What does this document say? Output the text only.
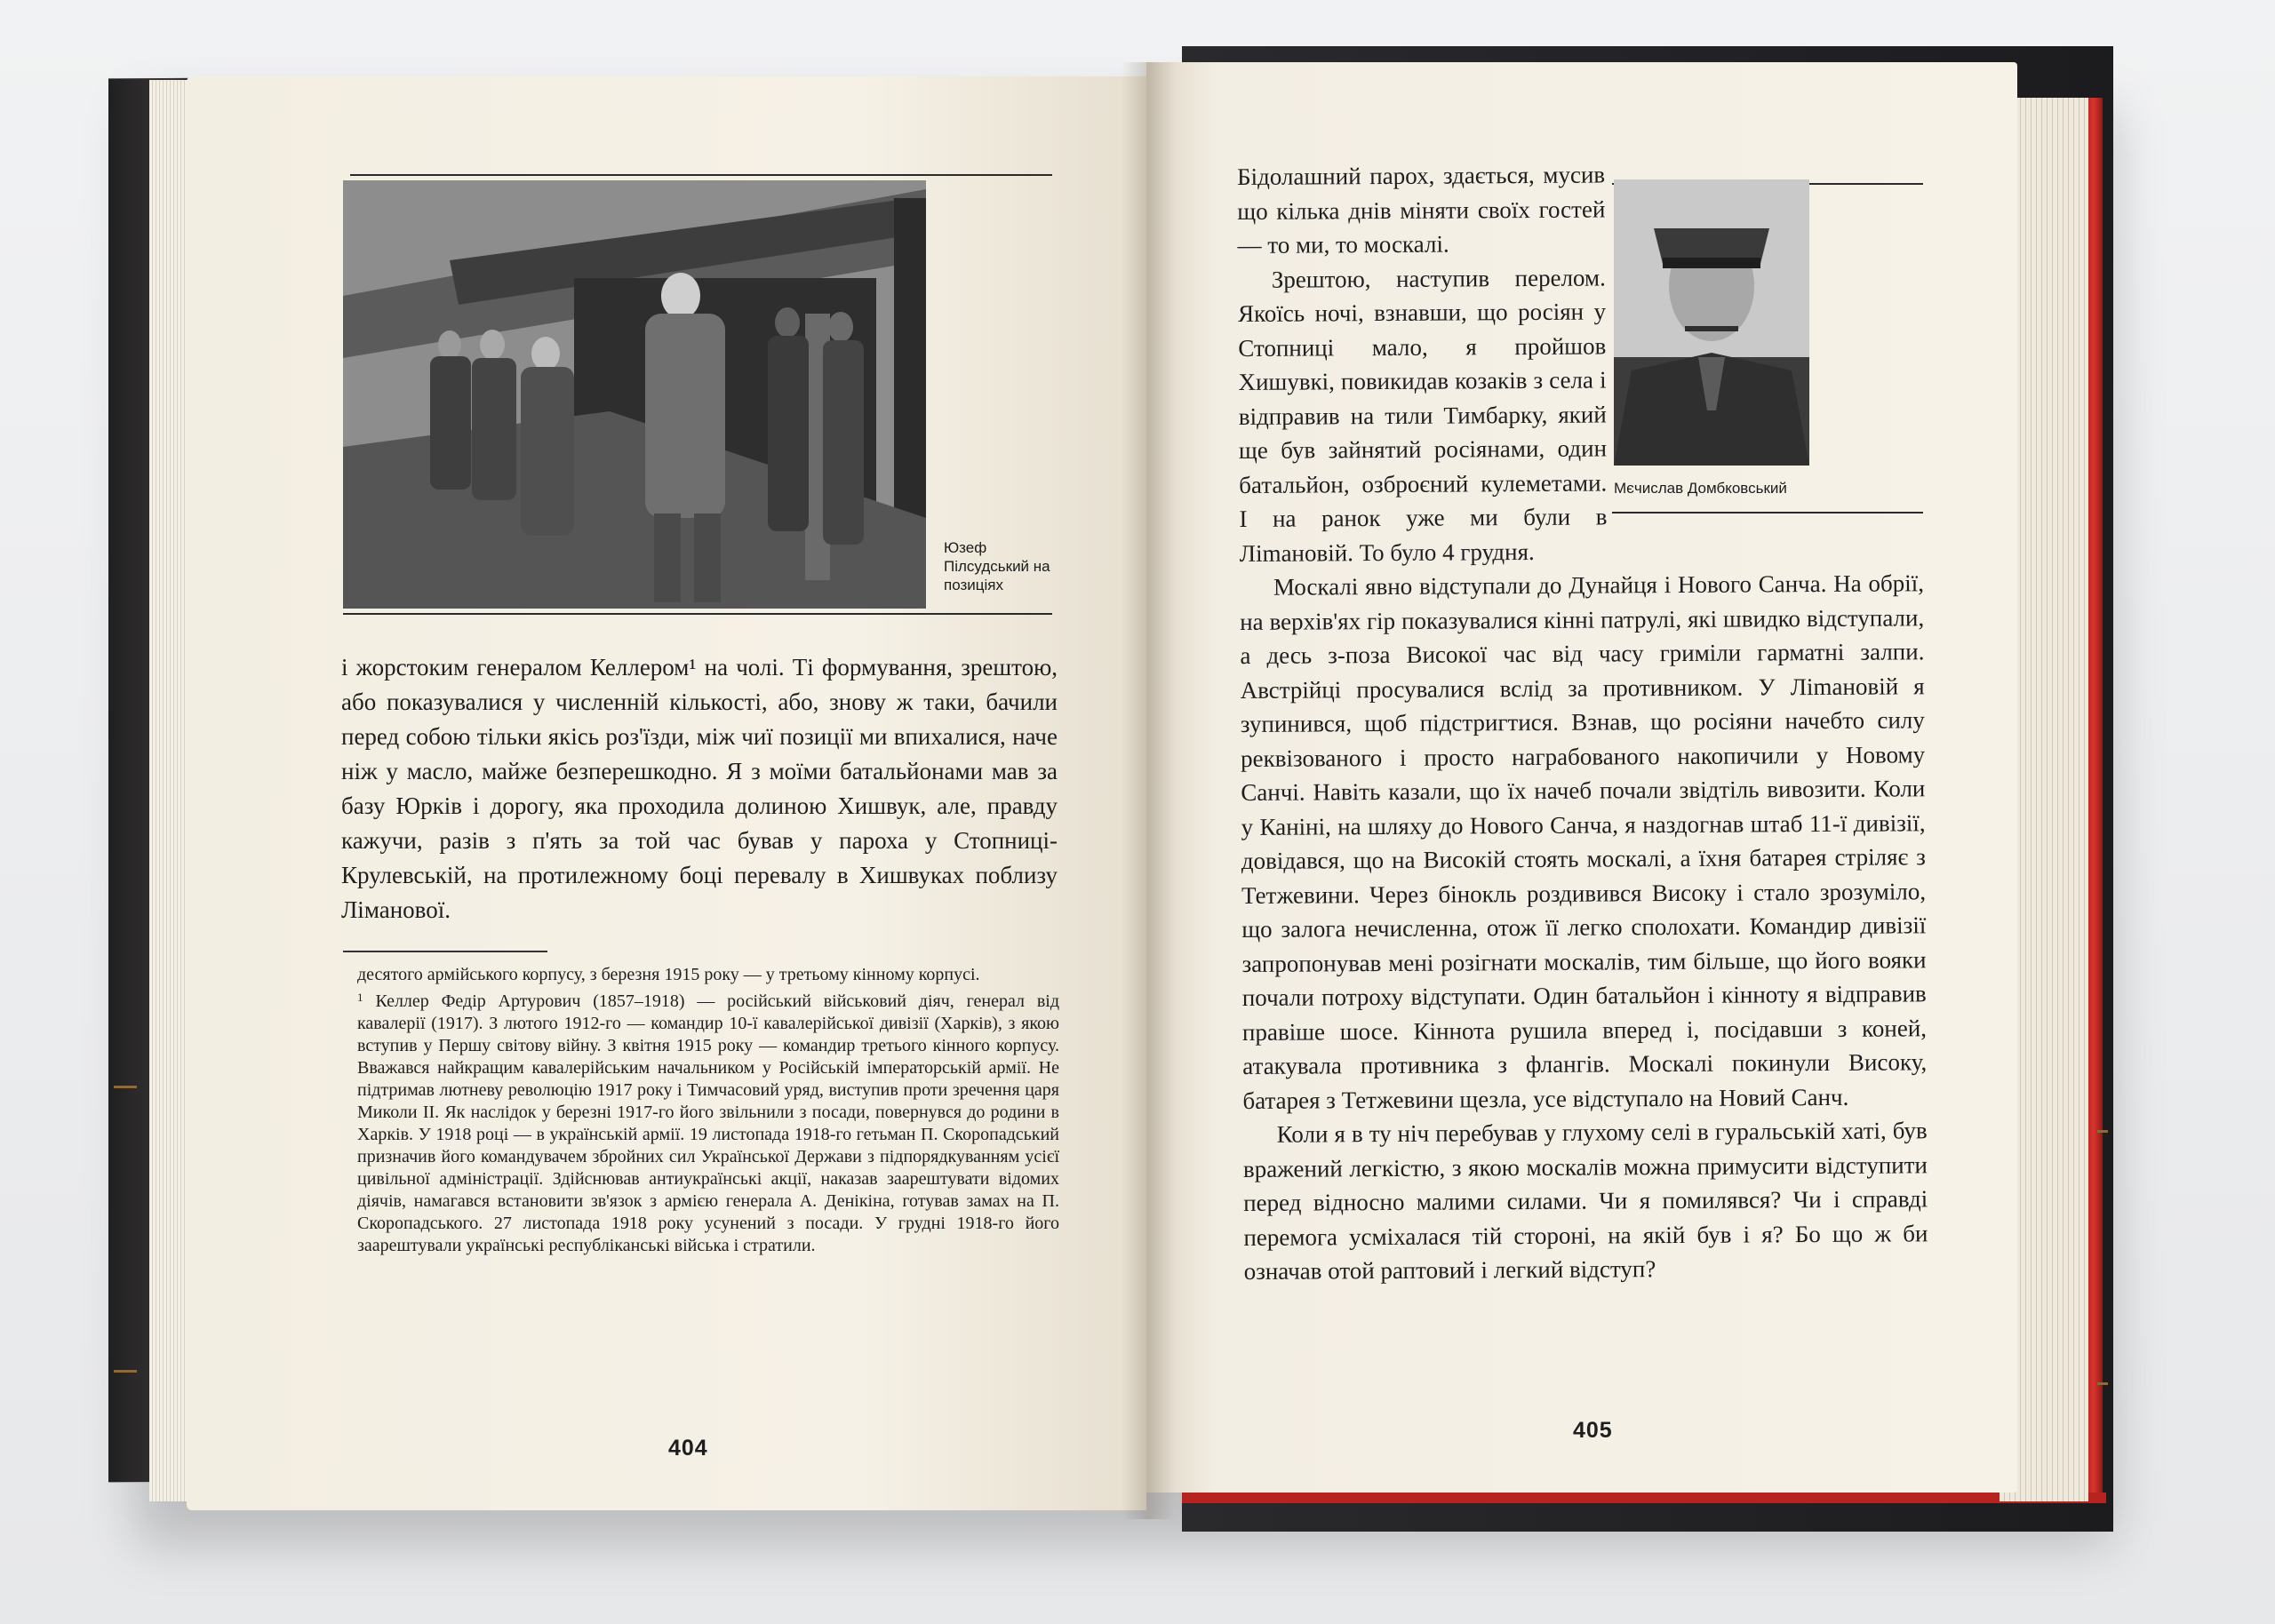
Юзеф Пілсудський на позиціях

і жорстоким генералом Келлером¹ на чолі. Ті формування, зрештою, або показувалися у численній кількості, або, знову ж таки, бачили перед собою тільки якісь роз'їзди, між чиї позиції ми впихалися, наче ніж у масло, майже безперешкодно. Я з моїми батальйонами мав за базу Юрків і дорогу, яка проходила долиною Хишвук, але, правду кажучи, разів з п'ять за той час бував у пароха у Стопниці-Крулевській, на протилежному боці перевалу в Хишвуках поблизу Ліманової.

десятого армійського корпусу, з березня 1915 року — у третьому кінному корпусі.

$^1$ Келлер Федір Артурович (1857–1918) — російський військовий діяч, генерал від кавалерії (1917). З лютого 1912-го — командир 10-ї кавалерійської дивізії (Харків), з якою вступив у Першу світову війну. З квітня 1915 року — командир третього кінного корпусу. Вважався найкращим кавалерійським начальником у Російській імператорській армії. Не підтримав лютневу революцію 1917 року і Тимчасовий уряд, виступив проти зречення царя Миколи II. Як наслідок у березні 1917-го його звільнили з посади, повернувся до родини в Харків. У 1918 році — в українській армії. 19 листопада 1918-го гетьман П. Скоропадський призначив його командувачем збройних сил Української Держави з підпорядкуванням усієї цивільної адміністрації. Здійснював антиукраїнські акції, наказав заарештувати відомих діячів, намагався встановити зв'язок з армією генерала А. Денікіна, готував замах на П. Скоропадського. 27 листопада 1918 року усунений з посади. У грудні 1918-го його заарештували українські республіканські війська і стратили.

404
Мєчислав Домбковський

Бідолашний парох, здається, мусив що кілька днів міняти своїх гостей — то ми, то москалі.

Зрештою, наступив перелом. Якоїсь ночі, взнавши, що росіян у Стопниці мало, я пройшов Хишувкі, повикидав козаків з села і відправив на тили Тимбарку, який ще був зайнятий росіянами, один батальйон, озброєний кулеметами. І на ранок уже ми були в Ліmановій. То було 4 грудня.

Москалі явно відступали до Дунайця і Нового Санча. На обрії, на верхів'ях гір показувалися кінні патрулі, які швидко відступали, а десь з-поза Високої час від часу гриміли гарматні залпи. Австрійці просувалися вслід за противником. У Ліmановій я зупинився, щоб підстригтися. Взнав, що росіяни начебто силу реквізованого і просто награбованого накопичили у Новому Санчі. Навіть казали, що їх начеб почали звідтіль вивозити. Коли у Каніні, на шляху до Нового Санча, я наздогнав штаб 11-ї дивізії, довідався, що на Високій стоять москалі, а їхня батарея стріляє з Тетжевини. Через бінокль роздивився Високу і стало зрозуміло, що залога нечисленна, отож її легко сполохати. Командир дивізії запропонував мені розігнати москалів, тим більше, що його вояки почали потроху відступати. Один батальйон і кінноту я відправив правіше шосе. Кіннота рушила вперед і, посідавши з коней, атакувала противника з флангів. Москалі покинули Високу, батарея з Тетжевини щезла, усе відступало на Новий Санч.

Коли я в ту ніч перебував у глухому селі в гуральській хаті, був вражений легкістю, з якою москалів можна примусити відступити перед відносно малими силами. Чи я помилявся? Чи і справді перемога усміхалася тій стороні, на якій був і я? Бо що ж би означав отой раптовий і легкий відступ?

405
